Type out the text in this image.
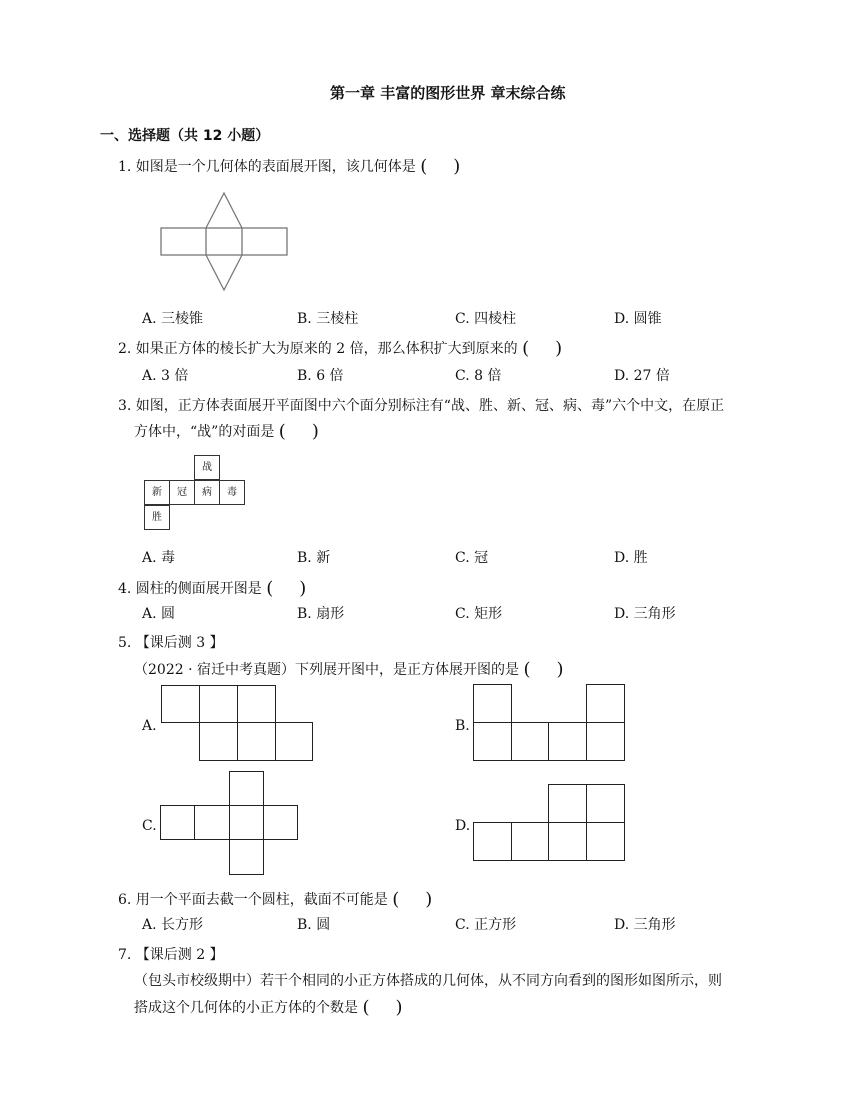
第一章 丰富的图形世界 章末综合练
一、选择题（共 12 小题）
1. 如图是一个几何体的表面展开图，该几何体是 ( )
A. 三棱锥	B. 三棱柱	C. 四棱柱	D. 圆锥
2. 如果正方体的棱长扩大为原来的 2 倍，那么体积扩大到原来的 ( )
A. 3 倍	B. 6 倍	C. 8 倍	D. 27 倍
3. 如图，正方体表面展开平面图中六个面分别标注有“战、胜、新、冠、病、毒”六个中文，在原正
方体中，“战”的对面是 ( )
战
新	冠	病	毒
胜
A. 毒	B. 新	C. 冠	D. 胜
4. 圆柱的侧面展开图是 ( )
A. 圆	B. 扇形	C. 矩形	D. 三角形
5. 【课后测 3 】
（2022 · 宿迁中考真题）下列展开图中，是正方体展开图的是 ( )
A.	B.
C.	D.
6. 用一个平面去截一个圆柱，截面不可能是 ( )
A. 长方形	B. 圆	C. 正方形	D. 三角形
7. 【课后测 2 】
（包头市校级期中）若干个相同的小正方体搭成的几何体，从不同方向看到的图形如图所示，则
搭成这个几何体的小正方体的个数是 ( )
